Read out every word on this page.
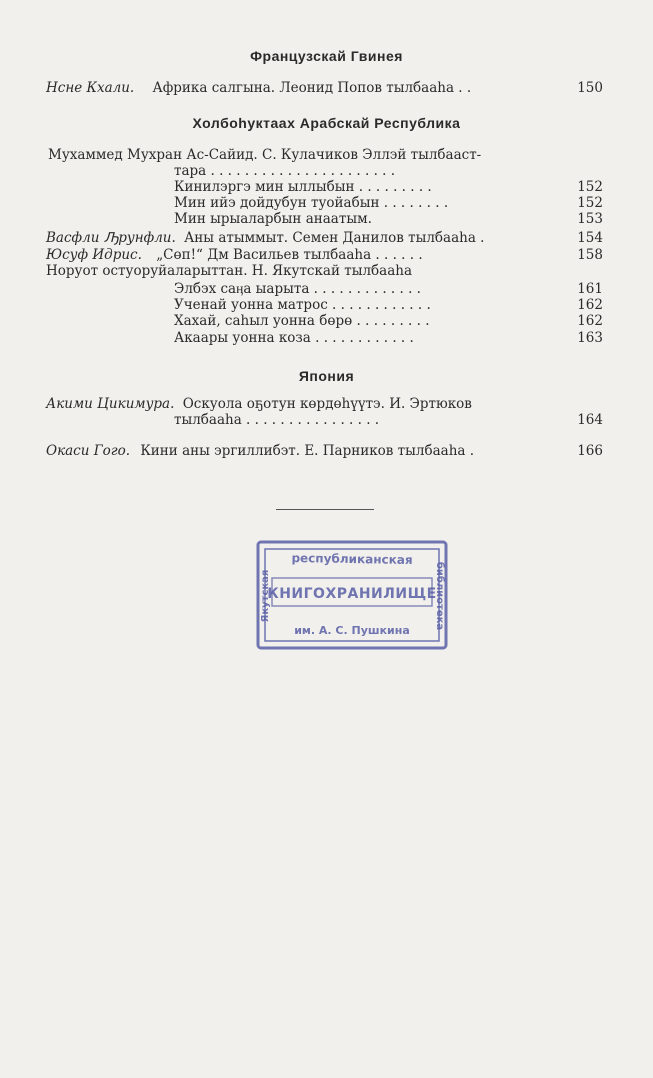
Французскай Гвинея
Нсне Кхали. Африка салгына. Леонид Попов тылбааһа . .	150
Холбоһуктаах Арабскай Республика
Мухаммед Мухран Ас-Сайид. С. Кулачиков Эллэй тылбааст-
тара . . . . . . . . . . . . . . . . . . . . . .
Кинилэргэ мин ыллыбын . . . . . . . . .	152
Мин ийэ дойдубун туойабын . . . . . . . .	152
Мин ырыаларбын анаатым.	153
Васфли Ԡрунфли. Аны атыммыт. Семен Данилов тылбааһа .	154
Юсуф Идрис. „Сөп!“ Дм Васильев тылбааһа . . . . . .	158
Норуот остуоруйаларыттан. Н. Якутскай тылбааһа
Элбэх саӊа ыарыта . . . . . . . . . . . . .	161
Ученай уонна матрос . . . . . . . . . . . .	162
Хахай, саһыл уонна бөрө . . . . . . . . .	162
Акаары уонна коза . . . . . . . . . . . .	163
Япония
Акими Цикимура. Оскуола оҕотун көрдөһүүтэ. И. Эртюков
тылбааһа . . . . . . . . . . . . . . . .	164
Окаси Гого. Кини аны эргиллибэт. Е. Парников тылбааһа .	166
республиканская
КНИГОХРАНИЛИЩЕ
им. А. С. Пушкина
библиотека
Якутская
